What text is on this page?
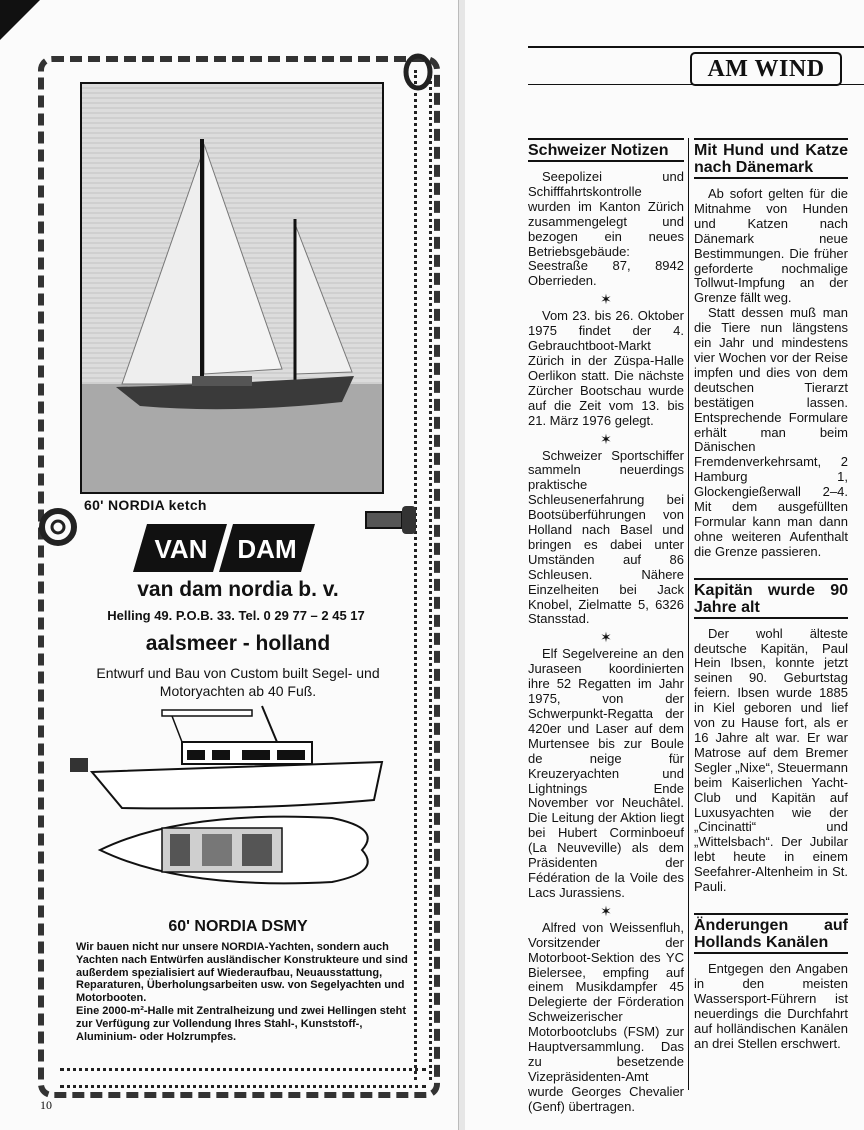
60' NORDIA ketch
VAN DAM
van dam nordia b. v.
Helling 49. P.O.B. 33. Tel. 0 29 77 – 2 45 17
aalsmeer - holland
Entwurf und Bau von Custom built Segel- und Motoryachten ab 40 Fuß.
60' NORDIA DSMY

Wir bauen nicht nur unsere NORDIA-Yachten, sondern auch Yachten nach Entwürfen ausländischer Konstrukteure und sind außerdem spezialisiert auf Wiederaufbau, Neuausstattung, Reparaturen, Überholungsarbeiten usw. von Segelyachten und Motorbooten.

Eine 2000-m²-Halle mit Zentralheizung und zwei Hellingen steht zur Verfügung zur Vollendung Ihres Stahl-, Kunststoff-, Aluminium- oder Holzrumpfes.

10
AM WIND
Schweizer Notizen

Seepolizei und Schifffahrtskontrolle wurden im Kanton Zürich zusammengelegt und bezogen ein neues Betriebsgebäude: Seestraße 87, 8942 Oberrieden.

✶

Vom 23. bis 26. Oktober 1975 findet der 4. Gebrauchtboot-Markt Zürich in der Züspa-Halle Oerlikon statt. Die nächste Zürcher Bootschau wurde auf die Zeit vom 13. bis 21. März 1976 gelegt.

✶

Schweizer Sportschiffer sammeln neuerdings praktische Schleusenerfahrung bei Bootsüberführungen von Holland nach Basel und bringen es dabei unter Umständen auf 86 Schleusen. Nähere Einzelheiten bei Jack Knobel, Zielmatte 5, 6326 Stansstad.

✶

Elf Segelvereine an den Juraseen koordinierten ihre 52 Regatten im Jahr 1975, von der Schwerpunkt-Regatta der 420er und Laser auf dem Murtensee bis zur Boule de neige für Kreuzeryachten und Lightnings Ende November vor Neuchâtel. Die Leitung der Aktion liegt bei Hubert Corminboeuf (La Neuveville) als dem Präsidenten der Fédération de la Voile des Lacs Jurassiens.

✶

Alfred von Weissenfluh, Vorsitzender der Motorboot-Sektion des YC Bielersee, empfing auf einem Musikdampfer 45 Delegierte der Förderation Schweizerischer Motorbootclubs (FSM) zur Hauptversammlung. Das zu besetzende Vizepräsidenten-Amt wurde Georges Chevalier (Genf) übertragen.

Mit Hund und Katze nach Dänemark

Ab sofort gelten für die Mitnahme von Hunden und Katzen nach Dänemark neue Bestimmungen. Die früher geforderte nochmalige Tollwut-Impfung an der Grenze fällt weg.

Statt dessen muß man die Tiere nun längstens ein Jahr und mindestens vier Wochen vor der Reise impfen und dies von dem deutschen Tierarzt bestätigen lassen. Entsprechende Formulare erhält man beim Dänischen Fremdenverkehrsamt, 2 Hamburg 1, Glockengießerwall 2–4. Mit dem ausgefüllten Formular kann man dann ohne weiteren Aufenthalt die Grenze passieren.

Kapitän wurde 90 Jahre alt

Der wohl älteste deutsche Kapitän, Paul Hein Ibsen, konnte jetzt seinen 90. Geburtstag feiern. Ibsen wurde 1885 in Kiel geboren und lief von zu Hause fort, als er 16 Jahre alt war. Er war Matrose auf dem Bremer Segler „Nixe“, Steuermann beim Kaiserlichen Yacht-Club und Kapitän auf Luxusyachten wie der „Cincinatti“ und „Wittelsbach“. Der Jubilar lebt heute in einem Seefahrer-Altenheim in St. Pauli.

Änderungen auf Hollands Kanälen

Entgegen den Angaben in den meisten Wassersport-Führern ist neuerdings die Durchfahrt auf holländischen Kanälen an drei Stellen erschwert.
